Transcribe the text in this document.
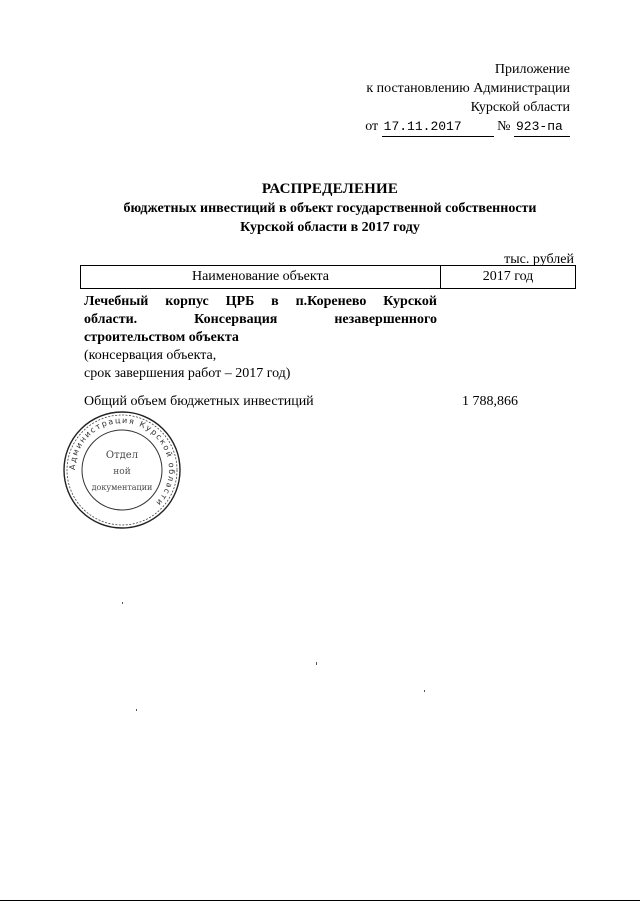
Приложение
к постановлению Администрации
Курской области
от 17.11.2017	№ 923-па
РАСПРЕДЕЛЕНИЕ
бюджетных инвестиций в объект государственной собственности
Курской области в 2017 году
тыс. рублей
Наименование объекта	2017 год
Лечебный корпус ЦРБ в п.Коренево Курской
области. Консервация незавершенного
строительством объекта
(консервация объекта,
срок завершения работ – 2017 год)
Общий объем бюджетных инвестиций	1 788,866
Администрация Курской области
Отдел
ной
документации
